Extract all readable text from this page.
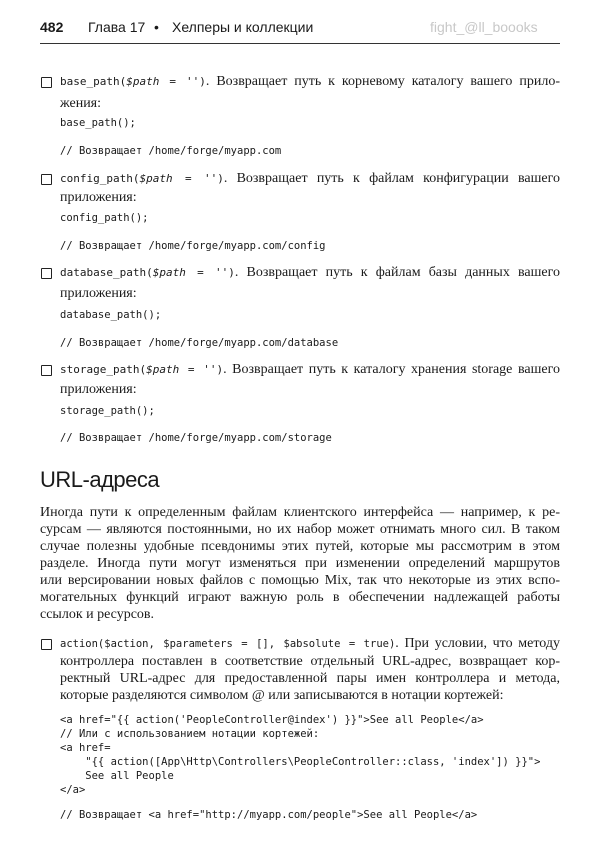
482 Глава 17 • Хелперы и коллекции	fight_@ll_boooks
base_path($path = ''). Возвращает путь к корневому каталогу вашего прило-
жения:
base_path();
// Возвращает /home/forge/myapp.com
config_path($path = ''). Возвращает путь к файлам конфигурации вашего
приложения:
config_path();
// Возвращает /home/forge/myapp.com/config
database_path($path = ''). Возвращает путь к файлам базы данных вашего
приложения:
database_path();
// Возвращает /home/forge/myapp.com/database
storage_path($path = ''). Возвращает путь к каталогу хранения storage вашего
приложения:
storage_path();
// Возвращает /home/forge/myapp.com/storage
URL-адреса
Иногда пути к определенным файлам клиентского интерфейса — например, к ре-
сурсам — являются постоянными, но их набор может отнимать много сил. В таком
случае полезны удобные псевдонимы этих путей, которые мы рассмотрим в этом
разделе. Иногда пути могут изменяться при изменении определений маршрутов
или версировании новых файлов с помощью Mix, так что некоторые из этих вспо-
могательных функций играют важную роль в обеспечении надлежащей работы
ссылок и ресурсов.
action($action, $parameters = [], $absolute = true). При условии, что методу
контроллера поставлен в соответствие отдельный URL-адрес, возвращает кор-
ректный URL-адрес для предоставленной пары имен контроллера и метода,
которые разделяются символом @ или записываются в нотации кортежей:
<a href="{{ action('PeopleController@index') }}">See all People</a>
// Или с использованием нотации кортежей:
<a href=
"{{ action([App\Http\Controllers\PeopleController::class, 'index']) }}">
See all People
</a>
// Возвращает <a href="http://myapp.com/people">See all People</a>
